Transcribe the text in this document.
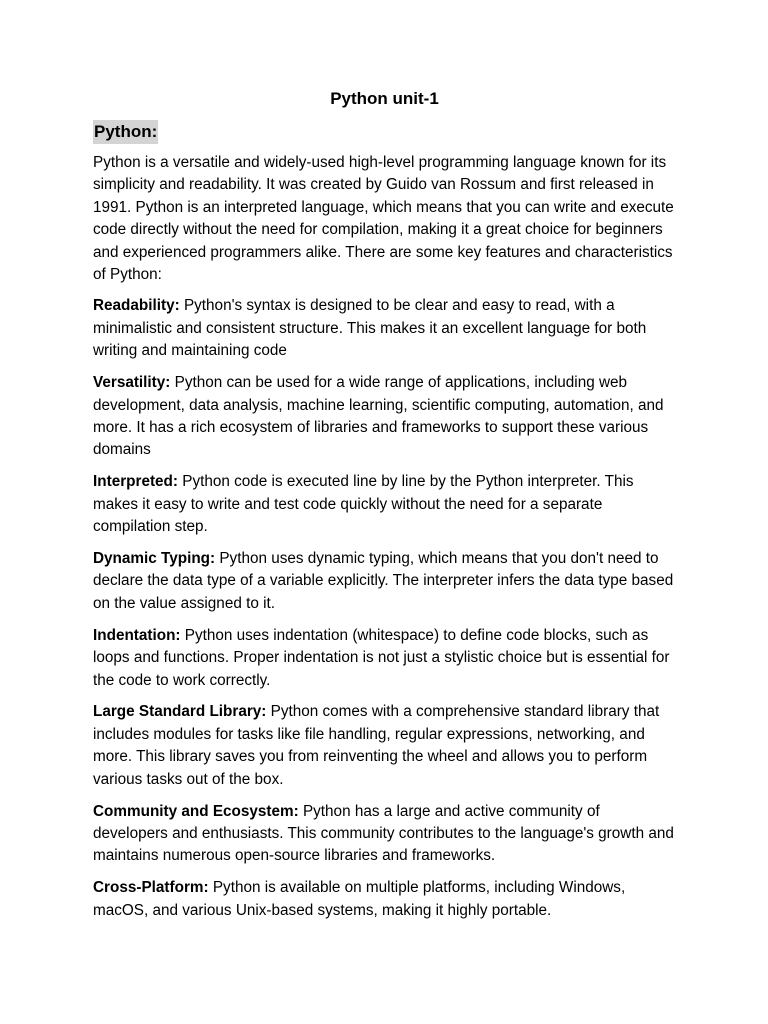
Python unit-1
Python:

Python is a versatile and widely-used high-level programming language known for its simplicity and readability. It was created by Guido van Rossum and first released in 1991. Python is an interpreted language, which means that you can write and execute code directly without the need for compilation, making it a great choice for beginners and experienced programmers alike. There are some key features and characteristics of Python:

Readability: Python's syntax is designed to be clear and easy to read, with a minimalistic and consistent structure. This makes it an excellent language for both writing and maintaining code

Versatility: Python can be used for a wide range of applications, including web development, data analysis, machine learning, scientific computing, automation, and more. It has a rich ecosystem of libraries and frameworks to support these various domains

Interpreted: Python code is executed line by line by the Python interpreter. This makes it easy to write and test code quickly without the need for a separate compilation step.

Dynamic Typing: Python uses dynamic typing, which means that you don't need to declare the data type of a variable explicitly. The interpreter infers the data type based on the value assigned to it.

Indentation: Python uses indentation (whitespace) to define code blocks, such as loops and functions. Proper indentation is not just a stylistic choice but is essential for the code to work correctly.

Large Standard Library: Python comes with a comprehensive standard library that includes modules for tasks like file handling, regular expressions, networking, and more. This library saves you from reinventing the wheel and allows you to perform various tasks out of the box.

Community and Ecosystem: Python has a large and active community of developers and enthusiasts. This community contributes to the language's growth and maintains numerous open-source libraries and frameworks.

Cross-Platform: Python is available on multiple platforms, including Windows, macOS, and various Unix-based systems, making it highly portable.
